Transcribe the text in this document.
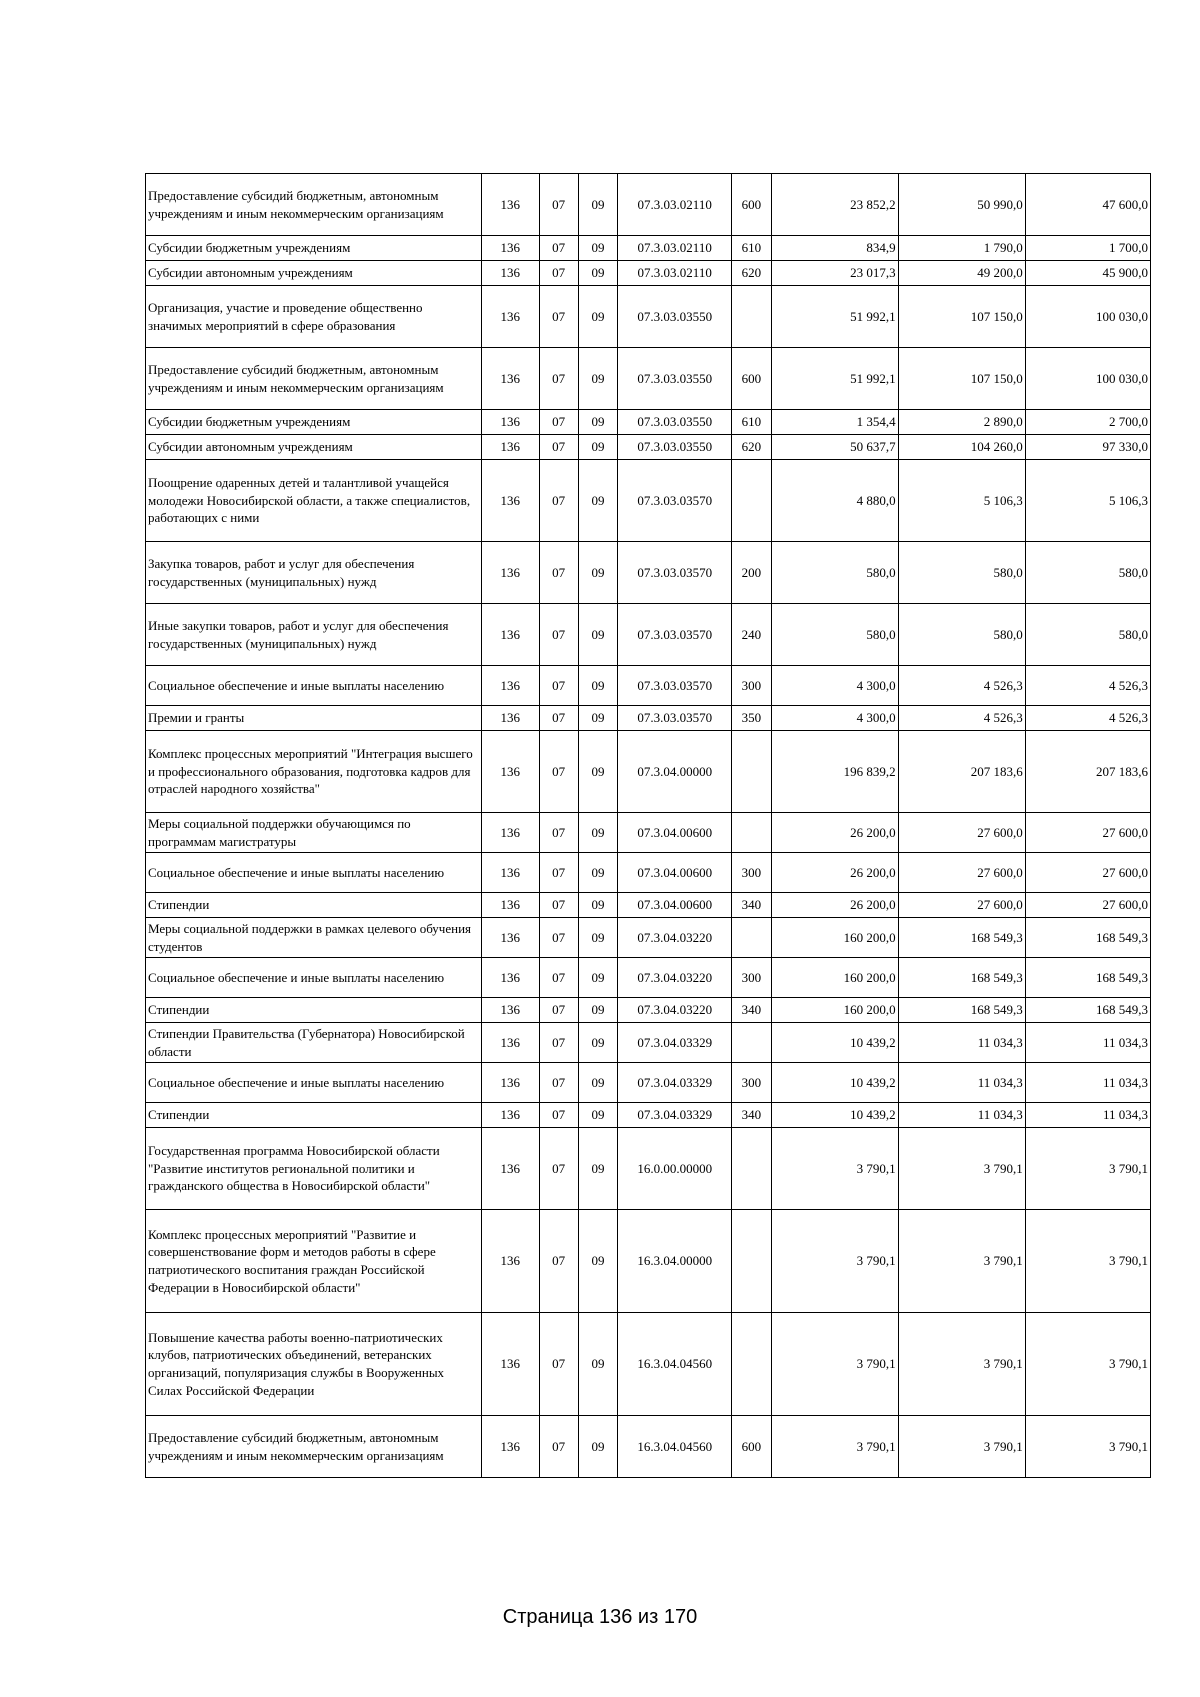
Предоставление субсидий бюджетным, автономным учреждениям и иным некоммерческим организациям	136	07	09	07.3.03.02110	600	23 852,2	50 990,0	47 600,0
Субсидии бюджетным учреждениям	136	07	09	07.3.03.02110	610	834,9	1 790,0	1 700,0
Субсидии автономным учреждениям	136	07	09	07.3.03.02110	620	23 017,3	49 200,0	45 900,0
Организация, участие и проведение общественно значимых мероприятий в сфере образования	136	07	09	07.3.03.03550		51 992,1	107 150,0	100 030,0
Предоставление субсидий бюджетным, автономным учреждениям и иным некоммерческим организациям	136	07	09	07.3.03.03550	600	51 992,1	107 150,0	100 030,0
Субсидии бюджетным учреждениям	136	07	09	07.3.03.03550	610	1 354,4	2 890,0	2 700,0
Субсидии автономным учреждениям	136	07	09	07.3.03.03550	620	50 637,7	104 260,0	97 330,0
Поощрение одаренных детей и талантливой учащейся молодежи Новосибирской области, а также специалистов, работающих с ними	136	07	09	07.3.03.03570		4 880,0	5 106,3	5 106,3
Закупка товаров, работ и услуг для обеспечения государственных (муниципальных) нужд	136	07	09	07.3.03.03570	200	580,0	580,0	580,0
Иные закупки товаров, работ и услуг для обеспечения государственных (муниципальных) нужд	136	07	09	07.3.03.03570	240	580,0	580,0	580,0
Социальное обеспечение и иные выплаты населению	136	07	09	07.3.03.03570	300	4 300,0	4 526,3	4 526,3
Премии и гранты	136	07	09	07.3.03.03570	350	4 300,0	4 526,3	4 526,3
Комплекс процессных мероприятий "Интеграция высшего и профессионального образования, подготовка кадров для отраслей народного хозяйства"	136	07	09	07.3.04.00000		196 839,2	207 183,6	207 183,6
Меры социальной поддержки обучающимся по программам магистратуры	136	07	09	07.3.04.00600		26 200,0	27 600,0	27 600,0
Социальное обеспечение и иные выплаты населению	136	07	09	07.3.04.00600	300	26 200,0	27 600,0	27 600,0
Стипендии	136	07	09	07.3.04.00600	340	26 200,0	27 600,0	27 600,0
Меры социальной поддержки в рамках целевого обучения студентов	136	07	09	07.3.04.03220		160 200,0	168 549,3	168 549,3
Социальное обеспечение и иные выплаты населению	136	07	09	07.3.04.03220	300	160 200,0	168 549,3	168 549,3
Стипендии	136	07	09	07.3.04.03220	340	160 200,0	168 549,3	168 549,3
Стипендии Правительства (Губернатора) Новосибирской области	136	07	09	07.3.04.03329		10 439,2	11 034,3	11 034,3
Социальное обеспечение и иные выплаты населению	136	07	09	07.3.04.03329	300	10 439,2	11 034,3	11 034,3
Стипендии	136	07	09	07.3.04.03329	340	10 439,2	11 034,3	11 034,3
Государственная программа Новосибирской области "Развитие институтов региональной политики и гражданского общества в Новосибирской области"	136	07	09	16.0.00.00000		3 790,1	3 790,1	3 790,1
Комплекс процессных мероприятий "Развитие и совершенствование форм и методов работы в сфере патриотического воспитания граждан Российской Федерации в Новосибирской области"	136	07	09	16.3.04.00000		3 790,1	3 790,1	3 790,1
Повышение качества работы военно-патриотических клубов, патриотических объединений, ветеранских организаций, популяризация службы в Вооруженных Силах Российской Федерации	136	07	09	16.3.04.04560		3 790,1	3 790,1	3 790,1
Предоставление субсидий бюджетным, автономным учреждениям и иным некоммерческим организациям	136	07	09	16.3.04.04560	600	3 790,1	3 790,1	3 790,1
Страница 136 из 170
